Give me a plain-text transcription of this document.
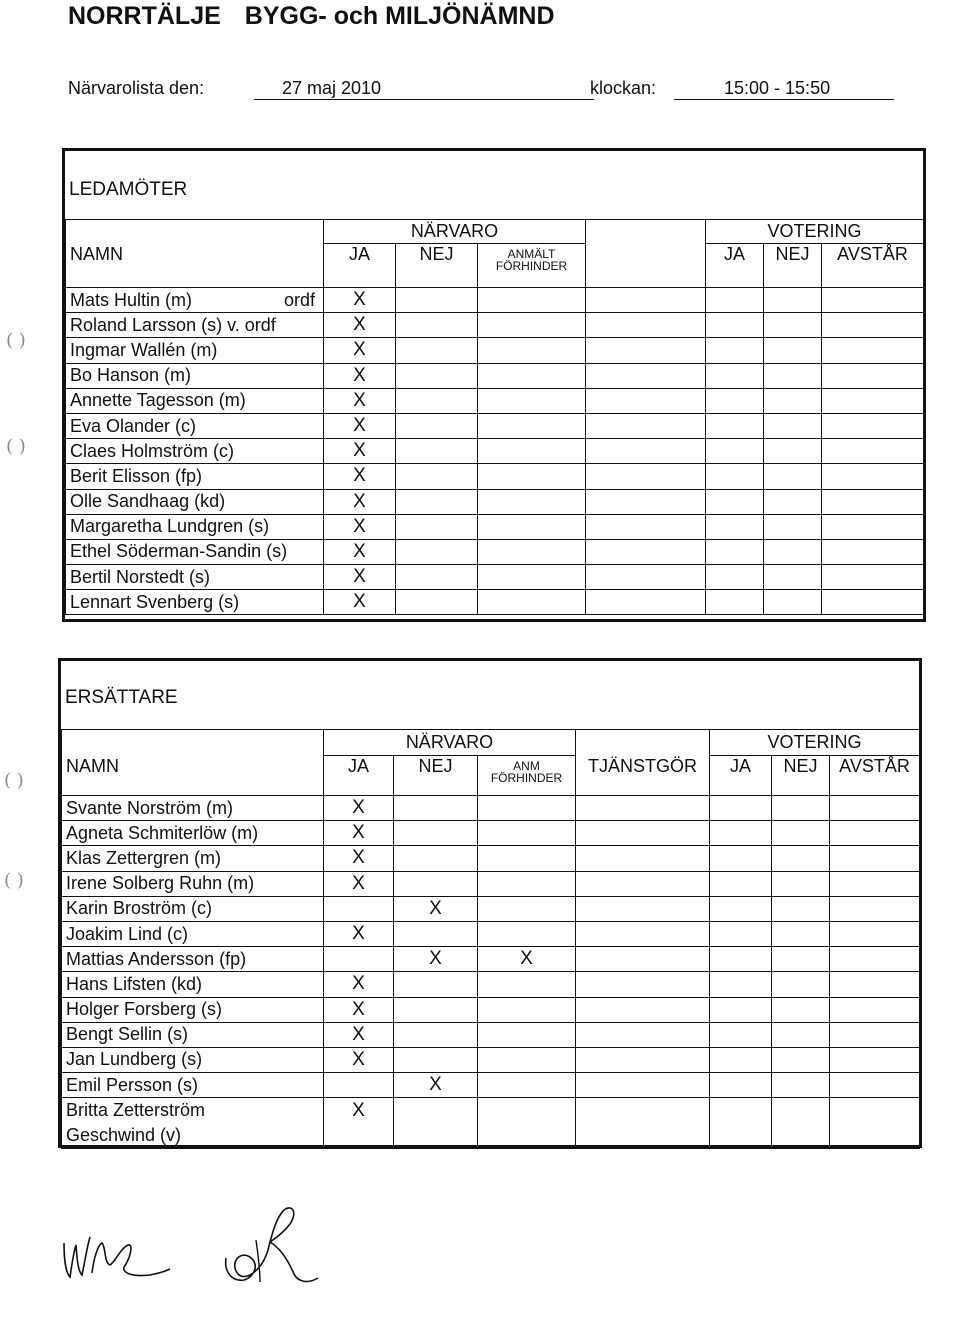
NORRTÄLJE BYGG- och MILJÖNÄMND
Närvarolista den:	27 maj 2010	klockan:	15:00 - 15:50
( )
( )
( )
( )
LEDAMÖTER
NAMN	NÄRVARO				VOTERING		
	JA	NEJ	ANMÄLT
FÖRHINDER		JA	NEJ	AVSTÅR
Mats Hultin (m) ordf	X						
Roland Larsson (s) v. ordf	X						
Ingmar Wallén (m)	X						
Bo Hanson (m)	X						
Annette Tagesson (m)	X						
Eva Olander (c)	X						
Claes Holmström (c)	X						
Berit Elisson (fp)	X						
Olle Sandhaag (kd)	X						
Margaretha Lundgren (s)	X						
Ethel Söderman-Sandin (s)	X						
Bertil Norstedt (s)	X						
Lennart Svenberg (s)	X						
ERSÄTTARE
NAMN	NÄRVARO				VOTERING		
	JA	NEJ	ANM
FÖRHINDER	TJÄNSTGÖR	JA	NEJ	AVSTÅR
Svante Norström (m)	X						
Agneta Schmiterlöw (m)	X						
Klas Zettergren (m)	X						
Irene Solberg Ruhn (m)	X						
Karin Broström (c)		X					
Joakim Lind (c)	X						
Mattias Andersson (fp)		X	X				
Hans Lifsten (kd)	X						
Holger Forsberg (s)	X						
Bengt Sellin (s)	X						
Jan Lundberg (s)	X						
Emil Persson (s)		X					

Britta Zetterström
Geschwind (v)	X						
